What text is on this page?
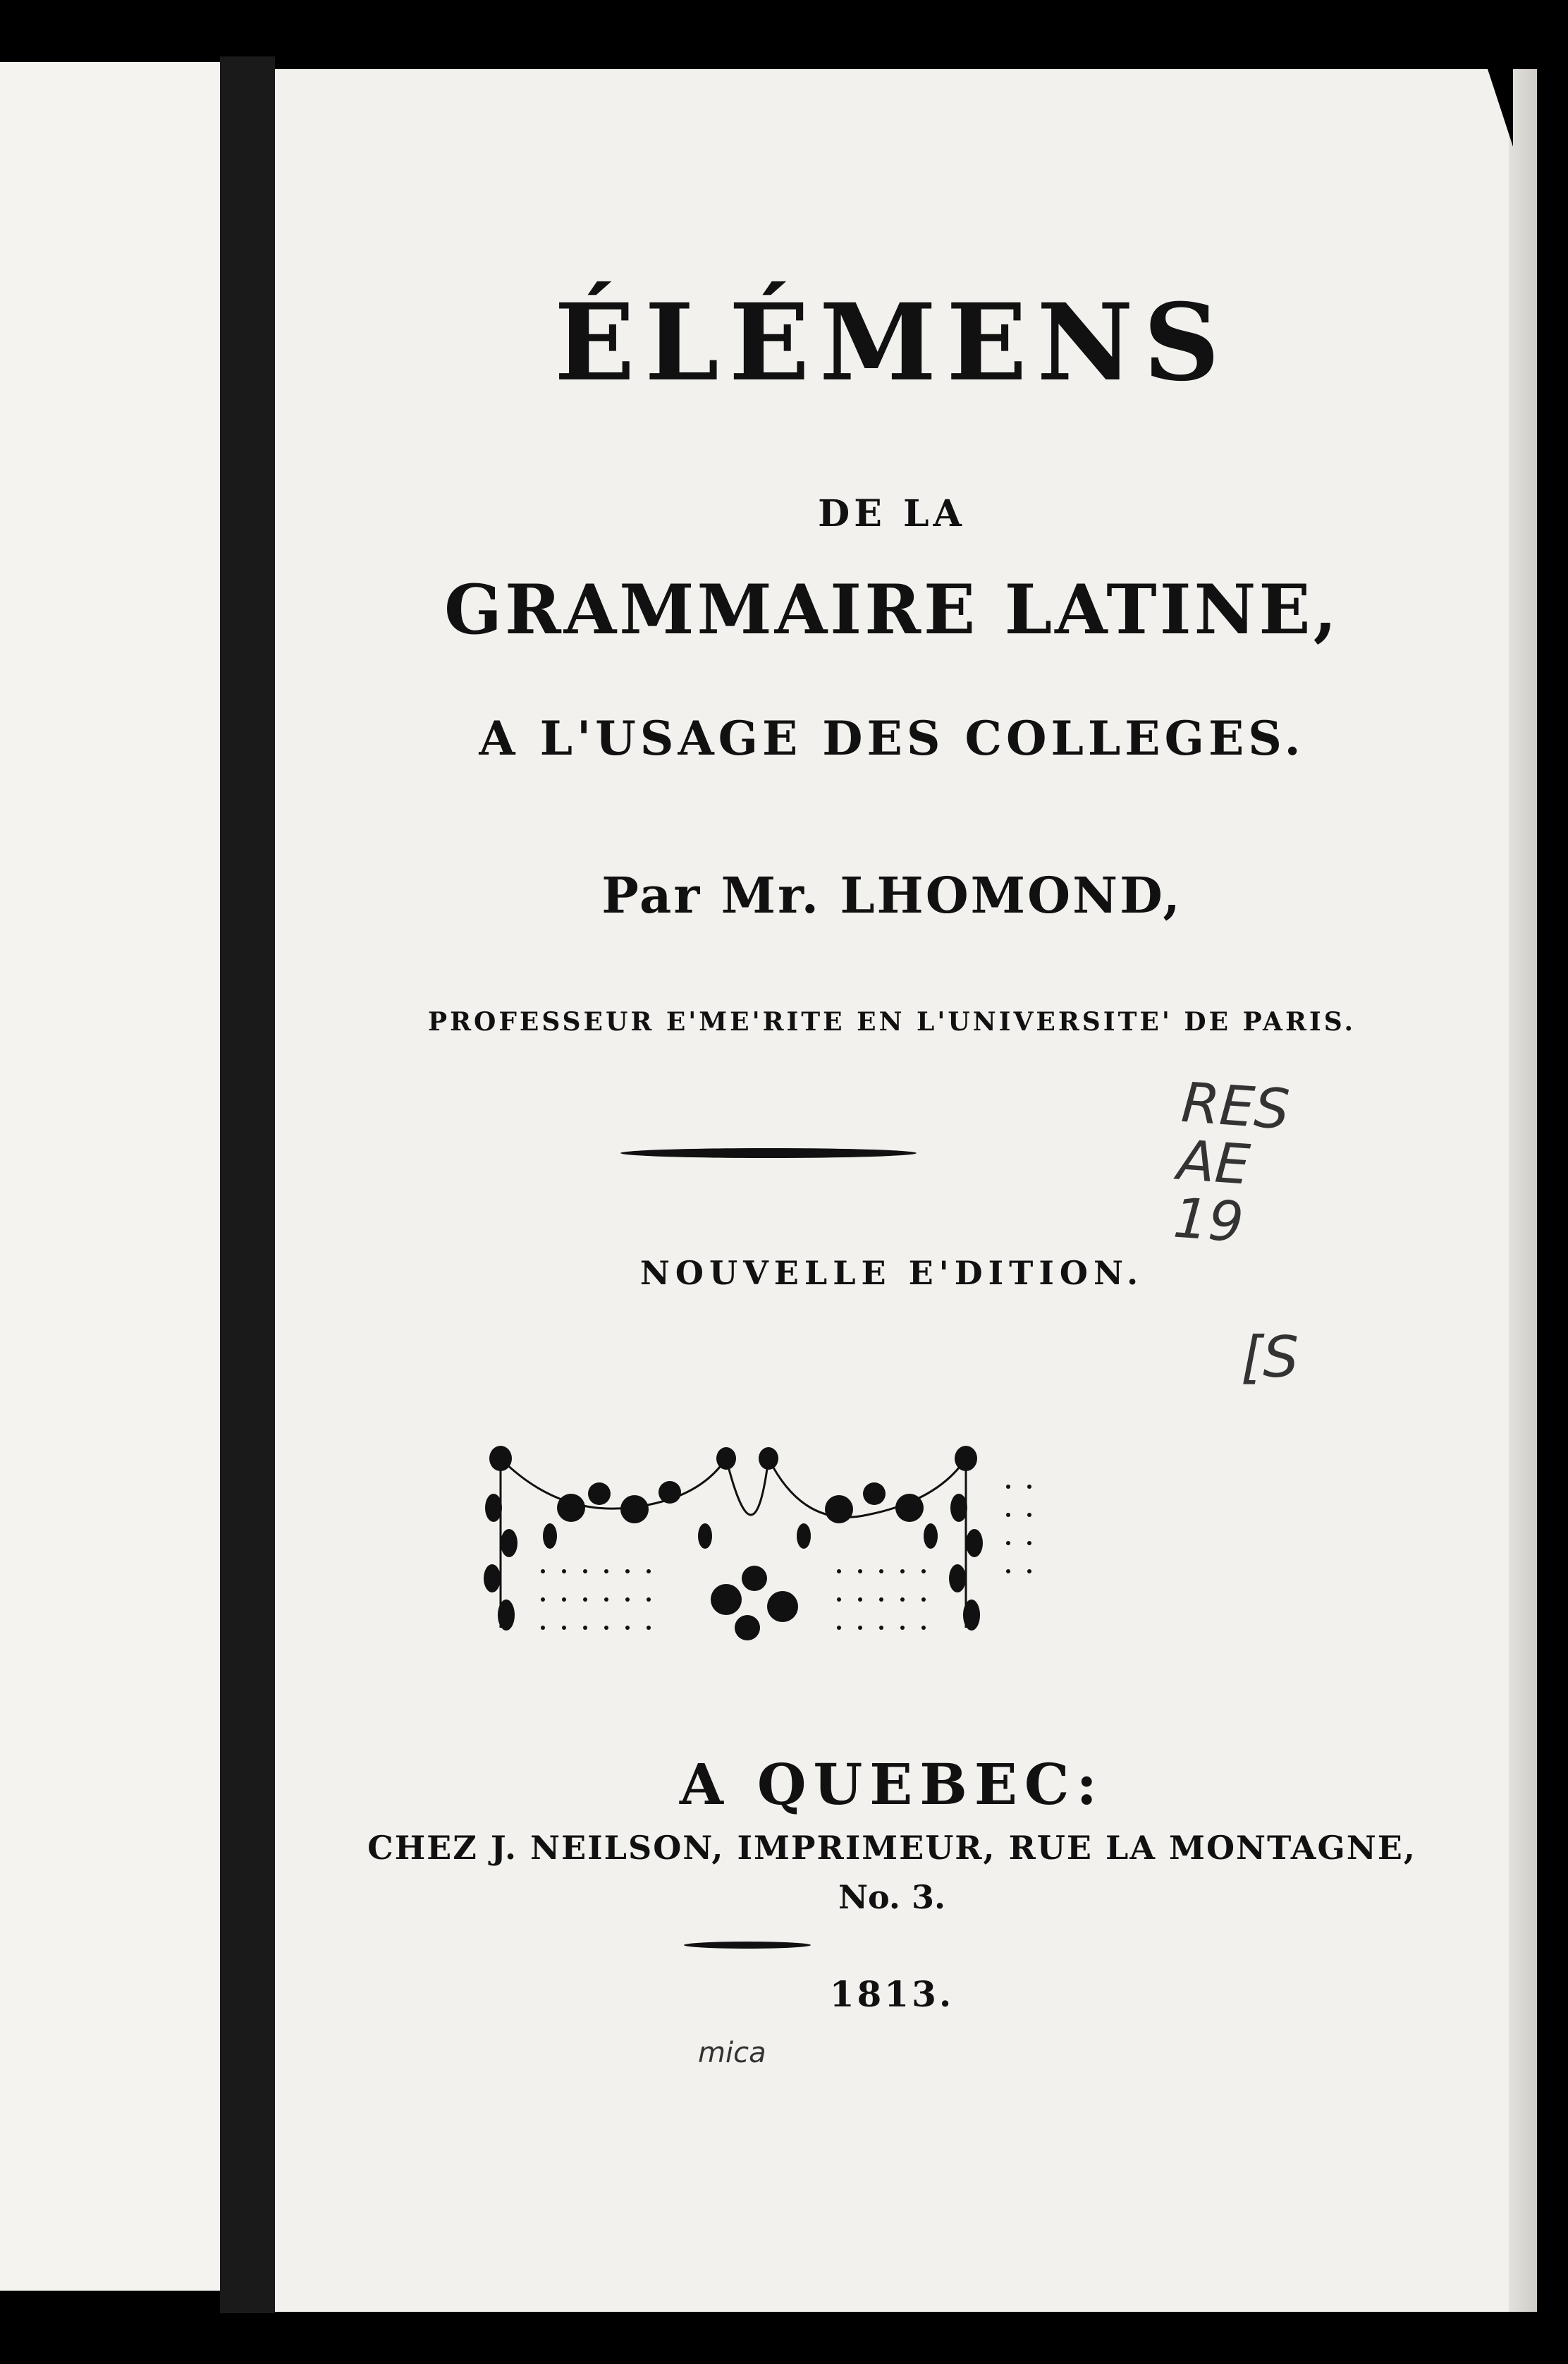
ÉLÉMENS
DE LA
GRAMMAIRE LATINE,
A L'USAGE DES COLLEGES.
Par Mr. LHOMOND,
PROFESSEUR E'ME'RITE EN L'UNIVERSITE' DE PARIS.
NOUVELLE E'DITION.
A QUEBEC:
CHEZ J. NEILSON, IMPRIMEUR, RUE LA MONTAGNE,
No. 3.
1813.
RES
AE
19
[S
mica
